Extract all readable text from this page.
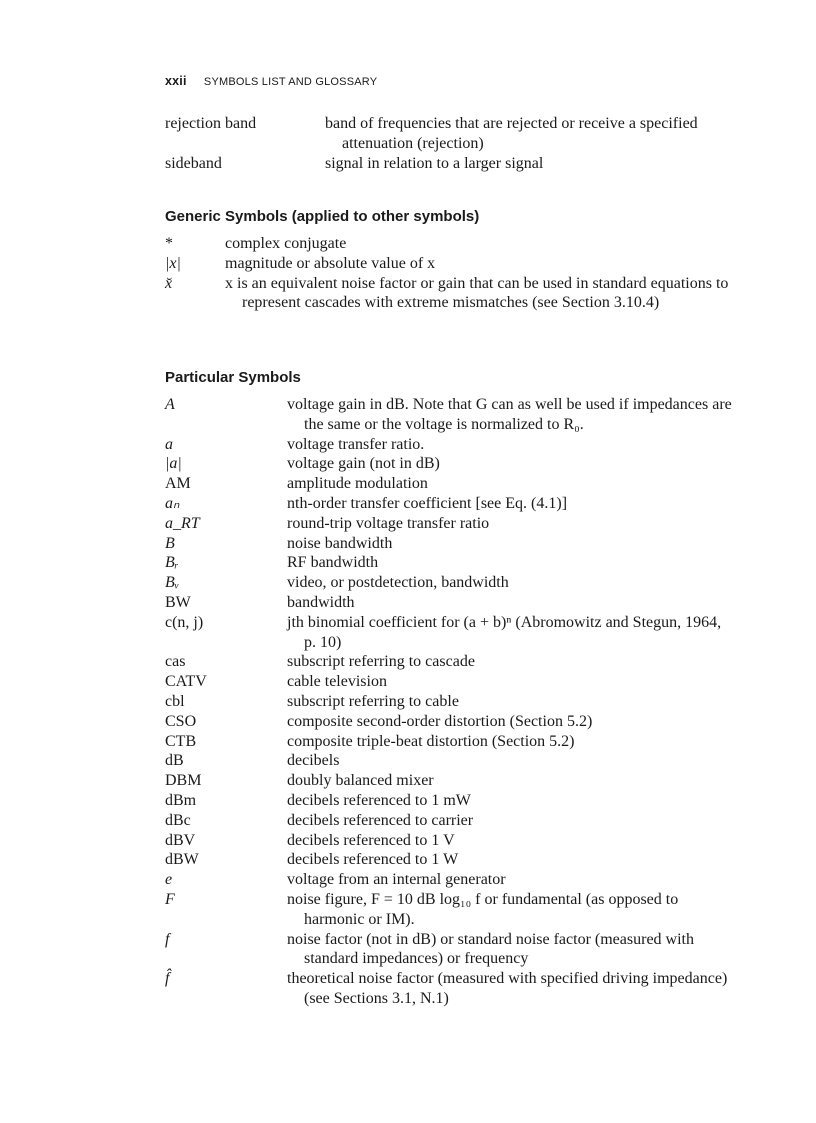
xxii SYMBOLS LIST AND GLOSSARY
rejection band	band of frequencies that are rejected or receive a specified attenuation (rejection)
sideband	signal in relation to a larger signal
Generic Symbols (applied to other symbols)
*	complex conjugate
|x|	magnitude or absolute value of x
x̆	x is an equivalent noise factor or gain that can be used in standard equations to represent cascades with extreme mismatches (see Section 3.10.4)
Particular Symbols
A	voltage gain in dB. Note that G can as well be used if impedances are the same or the voltage is normalized to R₀.
a	voltage transfer ratio.
|a|	voltage gain (not in dB)
AM	amplitude modulation
aₙ	nth-order transfer coefficient [see Eq. (4.1)]
a_RT	round-trip voltage transfer ratio
B	noise bandwidth
Bᵣ	RF bandwidth
Bᵥ	video, or postdetection, bandwidth
BW	bandwidth
c(n, j)	jth binomial coefficient for (a + b)ⁿ (Abromowitz and Stegun, 1964, p. 10)
cas	subscript referring to cascade
CATV	cable television
cbl	subscript referring to cable
CSO	composite second-order distortion (Section 5.2)
CTB	composite triple-beat distortion (Section 5.2)
dB	decibels
DBM	doubly balanced mixer
dBm	decibels referenced to 1 mW
dBc	decibels referenced to carrier
dBV	decibels referenced to 1 V
dBW	decibels referenced to 1 W
e	voltage from an internal generator
F	noise figure, F = 10 dB log₁₀ f or fundamental (as opposed to harmonic or IM).
f	noise factor (not in dB) or standard noise factor (measured with standard impedances) or frequency
f̂	theoretical noise factor (measured with specified driving impedance) (see Sections 3.1, N.1)
